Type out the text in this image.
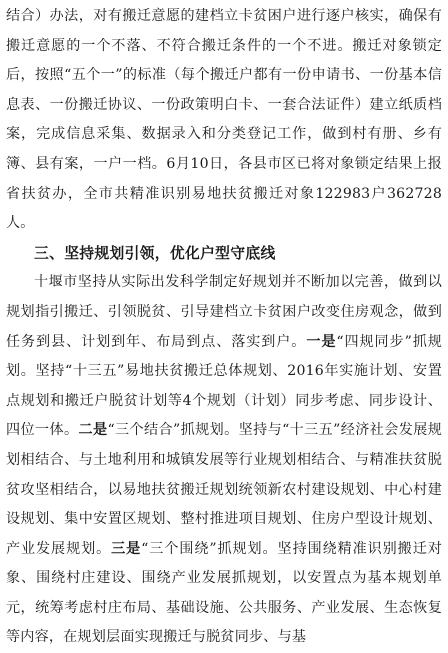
结合）办法，对有搬迁意愿的建档立卡贫困户进行逐户核实，确保有搬迁意愿的一个不落、不符合搬迁条件的一个不进。搬迁对象锁定后，按照“五个一”的标准（每个搬迁户都有一份申请书、一份基本信息表、一份搬迁协议、一份政策明白卡、一套合法证件）建立纸质档案，完成信息采集、数据录入和分类登记工作，做到村有册、乡有簿、县有案，一户一档。6月10日，各县市区已将对象锁定结果上报省扶贫办，全市共精准识别易地扶贫搬迁对象122983户362728人。

三、坚持规划引领，优化户型守底线

十堰市坚持从实际出发科学制定好规划并不断加以完善，做到以规划指引搬迁、引领脱贫、引导建档立卡贫困户改变住房观念，做到任务到县、计划到年、布局到点、落实到户。一是“四规同步”抓规划。坚持“十三五”易地扶贫搬迁总体规划、2016年实施计划、安置点规划和搬迁户脱贫计划等4个规划（计划）同步考虑、同步设计、四位一体。二是“三个结合”抓规划。坚持与“十三五”经济社会发展规划相结合、与土地利用和城镇发展等行业规划相结合、与精准扶贫脱贫攻坚相结合，以易地扶贫搬迁规划统领新农村建设规划、中心村建设规划、集中安置区规划、整村推进项目规划、住房户型设计规划、产业发展规划。三是“三个围绕”抓规划。坚持围绕精准识别搬迁对象、围绕村庄建设、围绕产业发展抓规划，以安置点为基本规划单元，统筹考虑村庄布局、基础设施、公共服务、产业发展、生态恢复等内容，在规划层面实现搬迁与脱贫同步、与基
